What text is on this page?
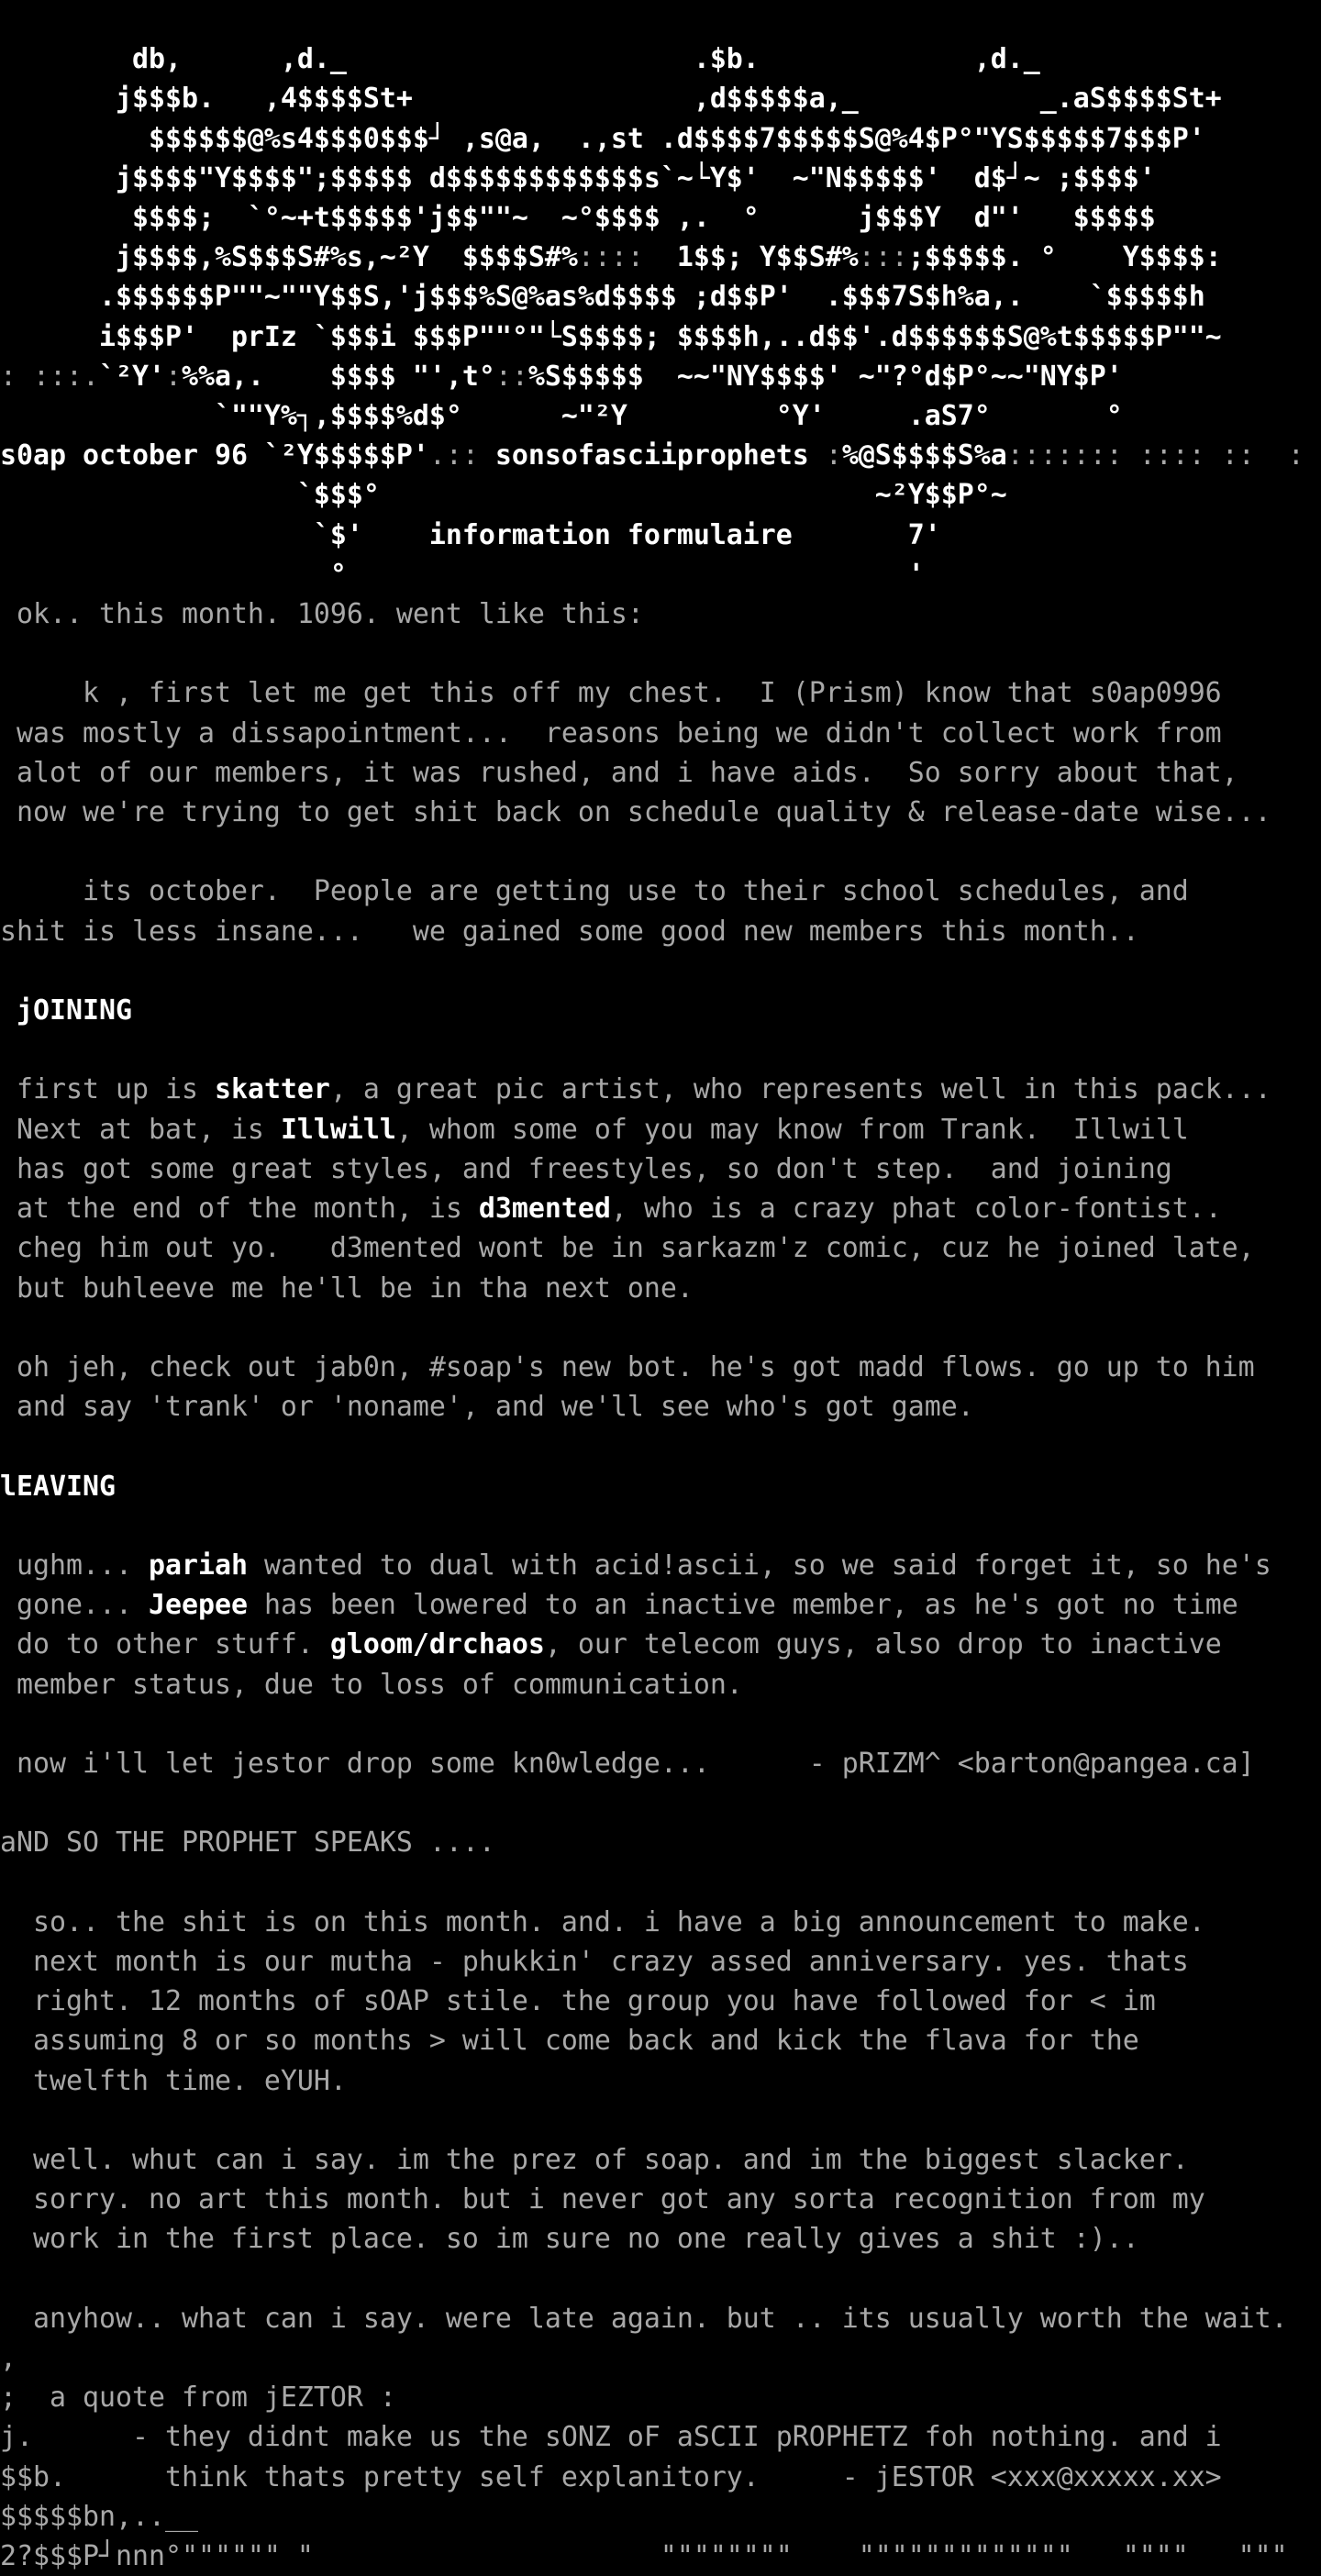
db,      ,d._                     .$b.             ,d._
j$$$b.   ,4$$$$St+                 ,d$$$$$a,_           _.aS$$$$St+
$$$$$$@%s4$$$0$$$┘ ,s@a,  .,st .d$$$$7$$$$$S@%4$P°"YS$$$$$7$$$P'
j$$$$"Y$$$$";$$$$$ d$$$$$$$$$$$$s`~└Y$'  ~"N$$$$$'  d$┘~ ;$$$$'
$$$$;  `°~+t$$$$$'j$$""~  ~°$$$$ ,.  °      j$$$Y  d"'   $$$$$
j$$$$,%S$$$S#%s,~²Y  $$$$S#%::::  1$$; Y$$S#%:::;$$$$$. °    Y$$$$:
.$$$$$$P""~""Y$$S,'j$$$%S@%as%d$$$$ ;d$$P'  .$$$7S$h%a,.    `$$$$$h
i$$$P'  prIz `$$$i $$$P""°"└S$$$$; $$$$h,..d$$'.d$$$$$$S@%t$$$$$P""~
: :::.`²Y':%%a,.    $$$$ "',t°::%S$$$$$  ~~"NY$$$$' ~"?°d$P°~~"NY$P'
`""Y%┐,$$$$%d$°      ~"²Y         °Y'     .aS7°       °
s0ap october 96 `²Y$$$$$P'.:: sonsofasciiprophets :%@S$$$$S%a::::::: :::: ::  :
`$$$°                              ~²Y$$P°~
`$'    information formulaire       7'
°                                  '
ok.. this month. 1096. went like this:

k , first let me get this off my chest.  I (Prism) know that s0ap0996
was mostly a dissapointment...  reasons being we didn't collect work from
alot of our members, it was rushed, and i have aids.  So sorry about that,
now we're trying to get shit back on schedule quality & release-date wise...

its october.  People are getting use to their school schedules, and
shit is less insane...   we gained some good new members this month..

jOINING

first up is skatter, a great pic artist, who represents well in this pack...
Next at bat, is Illwill, whom some of you may know from Trank.  Illwill
has got some great styles, and freestyles, so don't step.  and joining
at the end of the month, is d3mented, who is a crazy phat color-fontist..
cheg him out yo.   d3mented wont be in sarkazm'z comic, cuz he joined late,
but buhleeve me he'll be in tha next one.

oh jeh, check out jab0n, #soap's new bot. he's got madd flows. go up to him
and say 'trank' or 'noname', and we'll see who's got game.

lEAVING

ughm... pariah wanted to dual with acid!ascii, so we said forget it, so he's
gone... Jeepee has been lowered to an inactive member, as he's got no time
do to other stuff. gloom/drchaos, our telecom guys, also drop to inactive
member status, due to loss of communication.

now i'll let jestor drop some kn0wledge...      - pRIZM^ <barton@pangea.ca]

aND SO THE PROPHET SPEAKS ....

so.. the shit is on this month. and. i have a big announcement to make.
next month is our mutha - phukkin' crazy assed anniversary. yes. thats
right. 12 months of sOAP stile. the group you have followed for < im
assuming 8 or so months > will come back and kick the flava for the
twelfth time. eYUH.

well. whut can i say. im the prez of soap. and im the biggest slacker.
sorry. no art this month. but i never got any sorta recognition from my
work in the first place. so im sure no one really gives a shit :)..

anyhow.. what can i say. were late again. but .. its usually worth the wait.
,
;  a quote from jEZTOR :
j.      - they didnt make us the sONZ oF aSCII pROPHETZ foh nothing. and i
$$b.      think thats pretty self explanitory.     - jESTOR <xxx@xxxxx.xx>
$$$$$bn,..__
2?$$$P┘nnn°"""""" "                     """"""""    """""""""""""   """"   """
